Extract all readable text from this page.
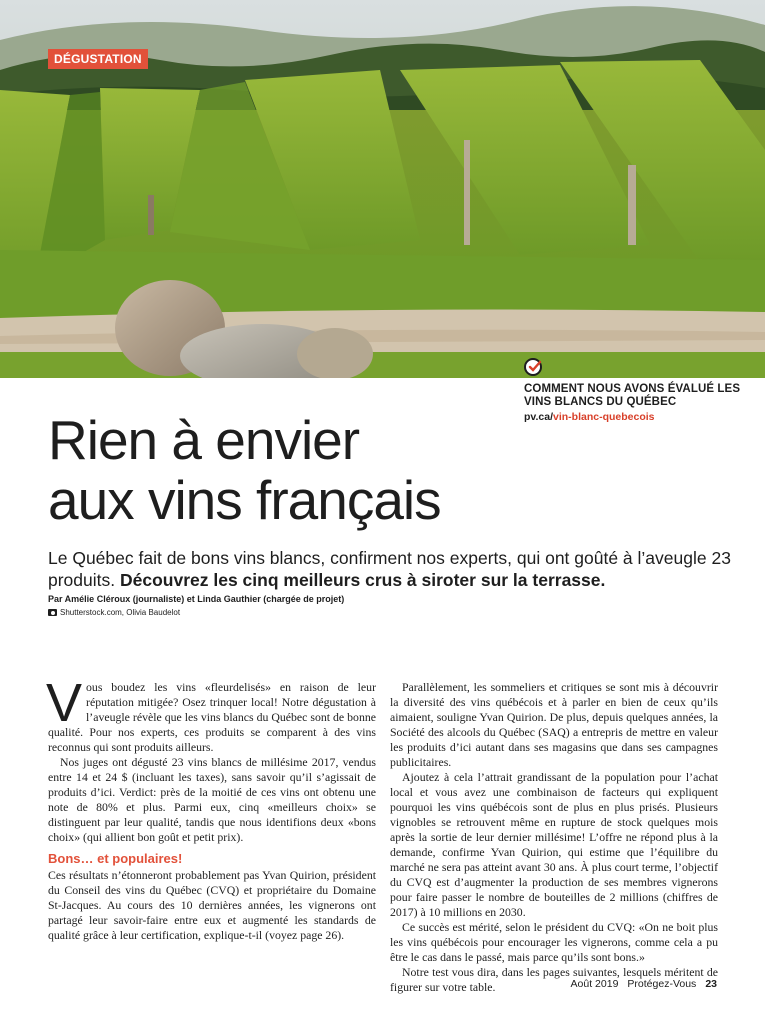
DÉGUSTATION
COMMENT NOUS AVONS ÉVALUÉ LES VINS BLANCS DU QUÉBEC
pv.ca/vin-blanc-quebecois
Rien à envier
aux vins français

Le Québec fait de bons vins blancs, confirment nos experts, qui ont goûté à l’aveugle 23 produits. Découvrez les cinq meilleurs crus à siroter sur la terrasse.

Par Amélie Cléroux (journaliste) et Linda Gauthier (chargée de projet)

Shutterstock.com, Olivia Baudelot

Vous boudez les vins «fleurdelisés» en raison de leur réputation mitigée? Osez trinquer local! Notre dégustation à l’aveugle révèle que les vins blancs du Québec sont de bonne qualité. Pour nos experts, ces produits se comparent à des vins reconnus qui sont produits ailleurs.

Nos juges ont dégusté 23 vins blancs de millésime 2017, vendus entre 14 et 24 $ (incluant les taxes), sans savoir qu’il s’agissait de produits d’ici. Verdict: près de la moitié de ces vins ont obtenu une note de 80% et plus. Parmi eux, cinq «meilleurs choix» se distinguent par leur qualité, tandis que nous identifions deux «bons choix» (qui allient bon goût et petit prix).

Bons… et populaires!

Ces résultats n’étonneront probablement pas Yvan Quirion, président du Conseil des vins du Québec (CVQ) et propriétaire du Domaine St-Jacques. Au cours des 10 dernières années, les vignerons ont partagé leur savoir-faire entre eux et augmenté les standards de qualité grâce à leur certification, explique-t-il (voyez page 26).

Parallèlement, les sommeliers et critiques se sont mis à découvrir la diversité des vins québécois et à parler en bien de ceux qu’ils aimaient, souligne Yvan Quirion. De plus, depuis quelques années, la Société des alcools du Québec (SAQ) a entrepris de mettre en valeur les produits d’ici autant dans ses magasins que dans ses campagnes publicitaires.

Ajoutez à cela l’attrait grandissant de la population pour l’achat local et vous avez une combinaison de facteurs qui expliquent pourquoi les vins québécois sont de plus en plus prisés. Plusieurs vignobles se retrouvent même en rupture de stock quelques mois après la sortie de leur dernier millésime! L’offre ne répond plus à la demande, confirme Yvan Quirion, qui estime que l’équilibre du marché ne sera pas atteint avant 30 ans. À plus court terme, l’objectif du CVQ est d’augmenter la production de ses membres vignerons pour faire passer le nombre de bouteilles de 2 millions (chiffres de 2017) à 10 millions en 2030.

Ce succès est mérité, selon le président du CVQ: «On ne boit plus les vins québécois pour encourager les vignerons, comme cela a pu être le cas dans le passé, mais parce qu’ils sont bons.»

Notre test vous dira, dans les pages suivantes, lesquels méritent de figurer sur votre table.	Août 2019 Protégez-Vous 23
